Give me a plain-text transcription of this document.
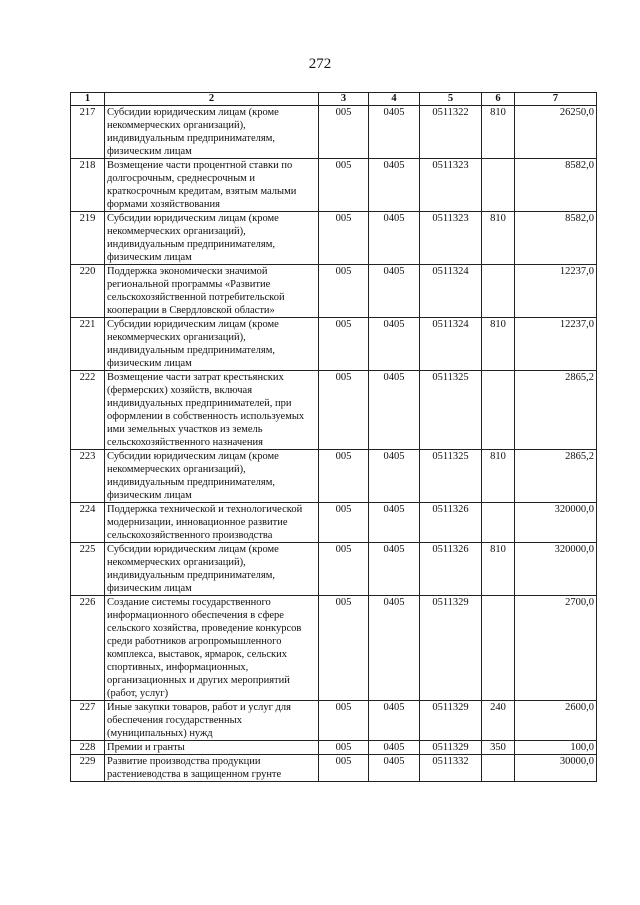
272
1	2	3	4	5	6	7
217	Субсидии юридическим лицам (кроме некоммерческих организаций), индивидуальным предпринимателям, физическим лицам	005	0405	0511322	810	26250,0
218	Возмещение части процентной ставки по долгосрочным, среднесрочным и краткосрочным кредитам, взятым малыми формами хозяйствования	005	0405	0511323		8582,0
219	Субсидии юридическим лицам (кроме некоммерческих организаций), индивидуальным предпринимателям, физическим лицам	005	0405	0511323	810	8582,0
220	Поддержка экономически значимой региональной программы «Развитие сельскохозяйственной потребительской кооперации в Свердловской области»	005	0405	0511324		12237,0
221	Субсидии юридическим лицам (кроме некоммерческих организаций), индивидуальным предпринимателям, физическим лицам	005	0405	0511324	810	12237,0
222	Возмещение части затрат крестьянских (фермерских) хозяйств, включая индивидуальных предпринимателей, при оформлении в собственность используемых ими земельных участков из земель сельскохозяйственного назначения	005	0405	0511325		2865,2
223	Субсидии юридическим лицам (кроме некоммерческих организаций), индивидуальным предпринимателям, физическим лицам	005	0405	0511325	810	2865,2
224	Поддержка технической и технологической модернизации, инновационное развитие сельскохозяйственного производства	005	0405	0511326		320000,0
225	Субсидии юридическим лицам (кроме некоммерческих организаций), индивидуальным предпринимателям, физическим лицам	005	0405	0511326	810	320000,0
226	Создание системы государственного информационного обеспечения в сфере сельского хозяйства, проведение конкурсов среди работников агропромышленного комплекса, выставок, ярмарок, сельских спортивных, информационных, организационных и других мероприятий (работ, услуг)	005	0405	0511329		2700,0
227	Иные закупки товаров, работ и услуг для обеспечения государственных (муниципальных) нужд	005	0405	0511329	240	2600,0
228	Премии и гранты	005	0405	0511329	350	100,0
229	Развитие производства продукции растениеводства в защищенном грунте	005	0405	0511332		30000,0
